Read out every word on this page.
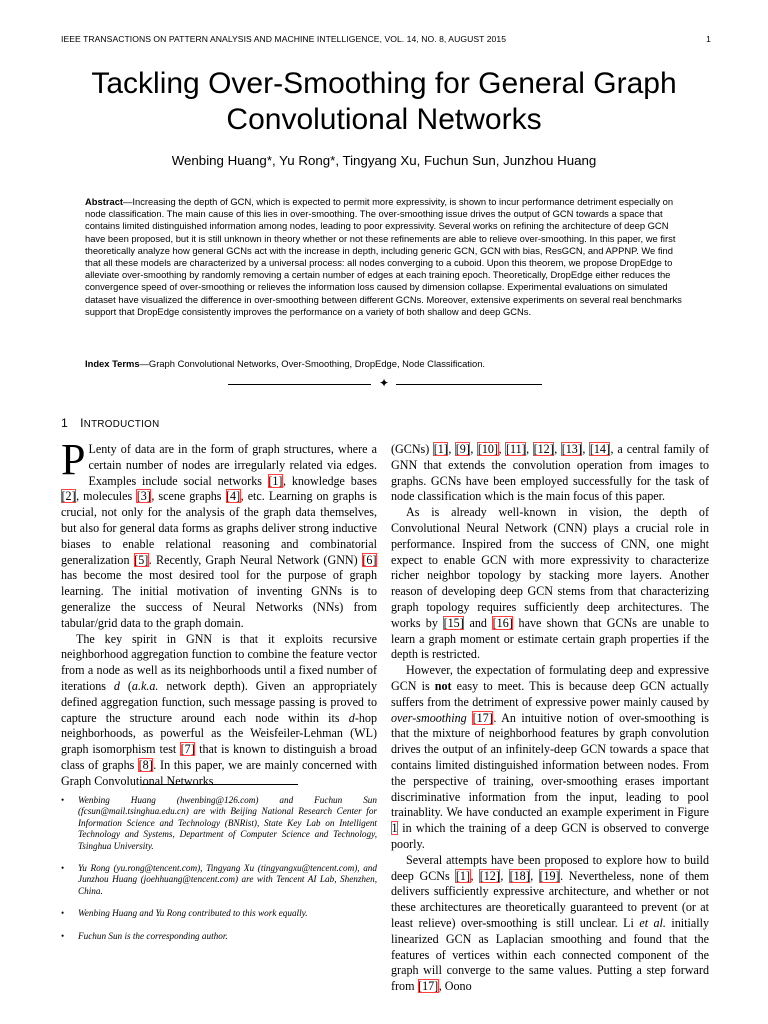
IEEE TRANSACTIONS ON PATTERN ANALYSIS AND MACHINE INTELLIGENCE, VOL. 14, NO. 8, AUGUST 2015	1
Tackling Over-Smoothing for General Graph
Convolutional Networks
Wenbing Huang*, Yu Rong*, Tingyang Xu, Fuchun Sun, Junzhou Huang
Abstract—Increasing the depth of GCN, which is expected to permit more expressivity, is shown to incur performance detriment especially on node classification. The main cause of this lies in over-smoothing. The over-smoothing issue drives the output of GCN towards a space that contains limited distinguished information among nodes, leading to poor expressivity. Several works on refining the architecture of deep GCN have been proposed, but it is still unknown in theory whether or not these refinements are able to relieve over-smoothing. In this paper, we first theoretically analyze how general GCNs act with the increase in depth, including generic GCN, GCN with bias, ResGCN, and APPNP. We find that all these models are characterized by a universal process: all nodes converging to a cuboid. Upon this theorem, we propose DropEdge to alleviate over-smoothing by randomly removing a certain number of edges at each training epoch. Theoretically, DropEdge either reduces the convergence speed of over-smoothing or relieves the information loss caused by dimension collapse. Experimental evaluations on simulated dataset have visualized the difference in over-smoothing between different GCNs. Moreover, extensive experiments on several real benchmarks support that DropEdge consistently improves the performance on a variety of both shallow and deep GCNs.
Index Terms—Graph Convolutional Networks, Over-Smoothing, DropEdge, Node Classification.
✦
1 INTRODUCTION

P Lenty of data are in the form of graph structures, where a certain number of nodes are irregularly related via edges. Examples include social networks [1], knowledge bases [2], molecules [3], scene graphs [4], etc. Learning on graphs is crucial, not only for the analysis of the graph data themselves, but also for general data forms as graphs deliver strong inductive biases to enable relational reasoning and combinatorial generalization [5]. Recently, Graph Neural Network (GNN) [6] has become the most desired tool for the purpose of graph learning. The initial motivation of inventing GNNs is to generalize the success of Neural Networks (NNs) from tabular/grid data to the graph domain.

The key spirit in GNN is that it exploits recursive neighborhood aggregation function to combine the feature vector from a node as well as its neighborhoods until a fixed number of iterations d (a.k.a. network depth). Given an appropriately defined aggregation function, such message passing is proved to capture the structure around each node within its d-hop neighborhoods, as powerful as the Weisfeiler-Lehman (WL) graph isomorphism test [7] that is known to distinguish a broad class of graphs [8]. In this paper, we are mainly concerned with Graph Convolutional Networks

• Wenbing Huang (hwenbing@126.com) and Fuchun Sun (fcsun@mail.tsinghua.edu.cn) are with Beijing National Research Center for Information Science and Technology (BNRist), State Key Lab on Intelligent Technology and Systems, Department of Computer Science and Technology, Tsinghua University.
• Yu Rong (yu.rong@tencent.com), Tingyang Xu (tingyangxu@tencent.com), and Junzhou Huang (joehhuang@tencent.com) are with Tencent AI Lab, Shenzhen, China.
• Wenbing Huang and Yu Rong contributed to this work equally.
• Fuchun Sun is the corresponding author.

(GCNs) [1], [9], [10], [11], [12], [13], [14], a central family of GNN that extends the convolution operation from images to graphs. GCNs have been employed successfully for the task of node classification which is the main focus of this paper.

As is already well-known in vision, the depth of Convolutional Neural Network (CNN) plays a crucial role in performance. Inspired from the success of CNN, one might expect to enable GCN with more expressivity to characterize richer neighbor topology by stacking more layers. Another reason of developing deep GCN stems from that characterizing graph topology requires sufficiently deep architectures. The works by [15] and [16] have shown that GCNs are unable to learn a graph moment or estimate certain graph properties if the depth is restricted.

However, the expectation of formulating deep and expressive GCN is not easy to meet. This is because deep GCN actually suffers from the detriment of expressive power mainly caused by over-smoothing [17]. An intuitive notion of over-smoothing is that the mixture of neighborhood features by graph convolution drives the output of an infinitely-deep GCN towards a space that contains limited distinguished information between nodes. From the perspective of training, over-smoothing erases important discriminative information from the input, leading to pool trainablity. We have conducted an example experiment in Figure 1 in which the training of a deep GCN is observed to converge poorly.

Several attempts have been proposed to explore how to build deep GCNs [1], [12], [18], [19]. Nevertheless, none of them delivers sufficiently expressive architecture, and whether or not these architectures are theoretically guaranteed to prevent (or at least relieve) over-smoothing is still unclear. Li et al. initially linearized GCN as Laplacian smoothing and found that the features of vertices within each connected component of the graph will converge to the same values. Putting a step forward from [17], Oono
